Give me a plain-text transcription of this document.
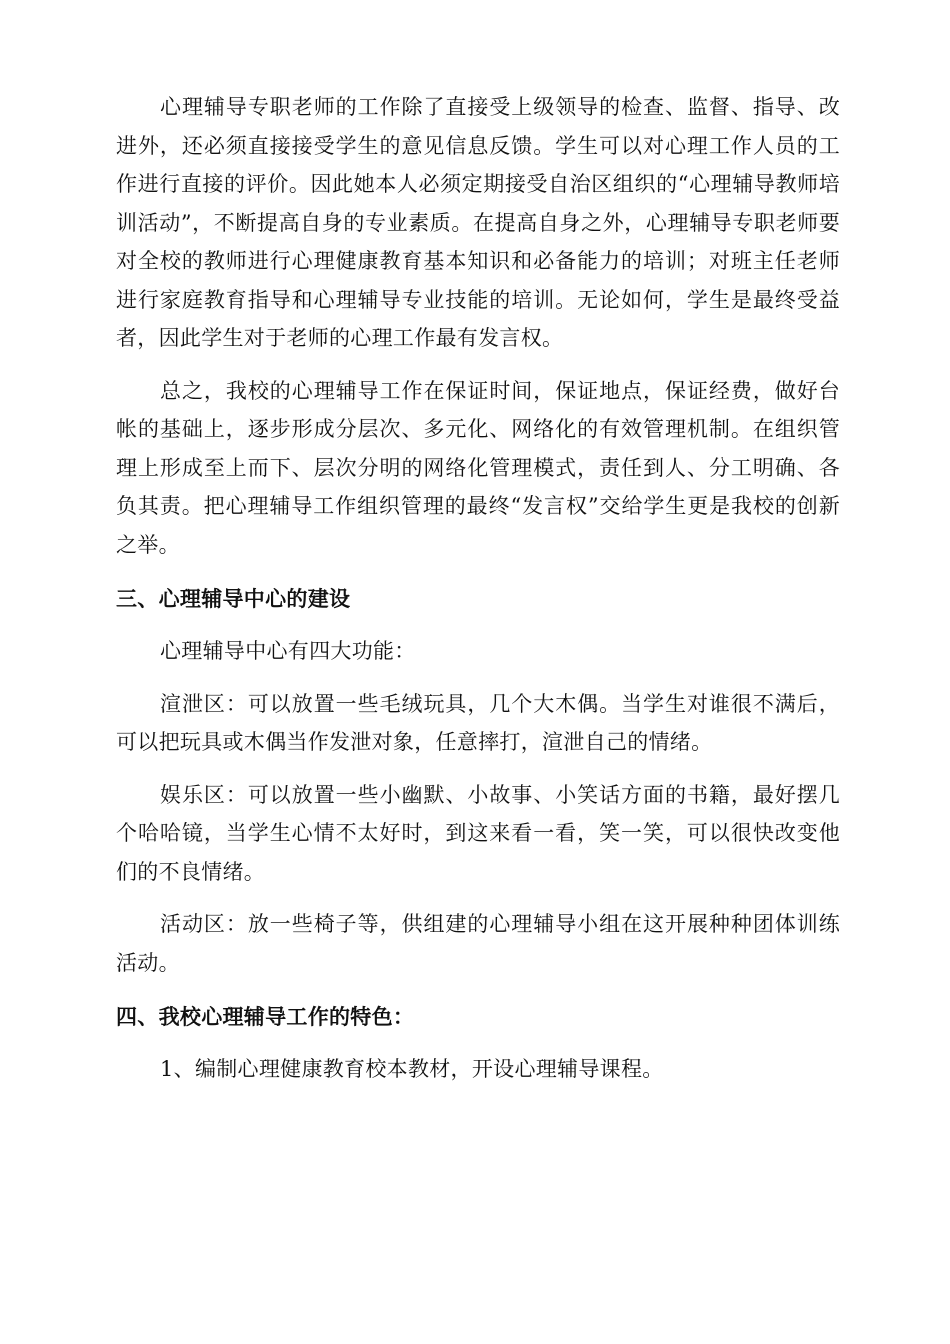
心理辅导专职老师的工作除了直接受上级领导的检查、监督、指导、改进外，还必须直接接受学生的意见信息反馈。学生可以对心理工作人员的工作进行直接的评价。因此她本人必须定期接受自治区组织的“心理辅导教师培训活动”，不断提高自身的专业素质。在提高自身之外，心理辅导专职老师要对全校的教师进行心理健康教育基本知识和必备能力的培训；对班主任老师进行家庭教育指导和心理辅导专业技能的培训。无论如何，学生是最终受益者，因此学生对于老师的心理工作最有发言权。

总之，我校的心理辅导工作在保证时间，保证地点，保证经费，做好台帐的基础上，逐步形成分层次、多元化、网络化的有效管理机制。在组织管理上形成至上而下、层次分明的网络化管理模式，责任到人、分工明确、各负其责。把心理辅导工作组织管理的最终“发言权”交给学生更是我校的创新之举。

三、心理辅导中心的建设

心理辅导中心有四大功能：

渲泄区：可以放置一些毛绒玩具，几个大木偶。当学生对谁很不满后，可以把玩具或木偶当作发泄对象，任意摔打，渲泄自己的情绪。

娱乐区：可以放置一些小幽默、小故事、小笑话方面的书籍，最好摆几个哈哈镜，当学生心情不太好时，到这来看一看，笑一笑，可以很快改变他们的不良情绪。

活动区：放一些椅子等，供组建的心理辅导小组在这开展种种团体训练活动。

四、我校心理辅导工作的特色：

1、编制心理健康教育校本教材，开设心理辅导课程。
